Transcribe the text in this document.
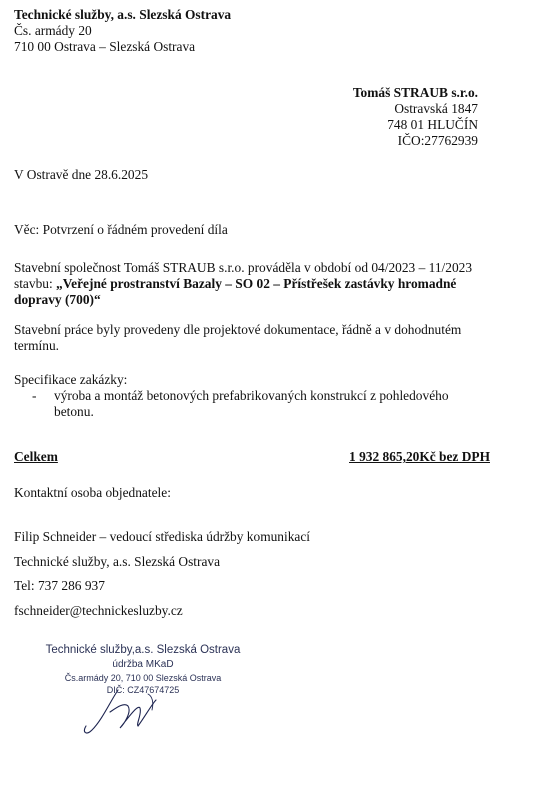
Technické služby, a.s. Slezská Ostrava
Čs. armády 20
710 00 Ostrava – Slezská Ostrava
Tomáš STRAUB s.r.o.
Ostravská 1847
748 01 HLUČÍN
IČO:27762939
V Ostravě dne 28.6.2025
Věc: Potvrzení o řádném provedení díla
Stavební společnost Tomáš STRAUB s.r.o. prováděla v období od 04/2023 – 11/2023 stavbu: „Veřejné prostranství Bazaly – SO 02 – Přístřešek zastávky hromadné dopravy (700)“
Stavební práce byly provedeny dle projektové dokumentace, řádně a v dohodnutém termínu.
Specifikace zakázky:
-	výroba a montáž betonových prefabrikovaných konstrukcí z pohledového betonu.
Celkem	1 932 865,20Kč bez DPH
Kontaktní osoba objednatele:
Filip Schneider – vedoucí střediska údržby komunikací
Technické služby, a.s. Slezská Ostrava
Tel: 737 286 937
fschneider@technickesluzby.cz
Technické služby,a.s. Slezská Ostrava
údržba MKaD
Čs.armády 20, 710 00 Slezská Ostrava
DIČ: CZ47674725
